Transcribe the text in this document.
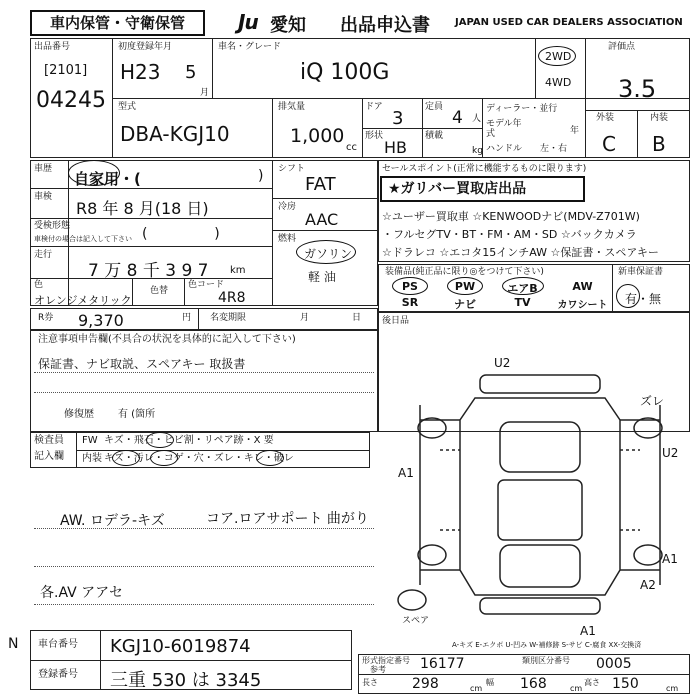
車内保管・守衛保管	Ju 愛知 出品申込書	JAPAN USED CAR DEALERS ASSOCIATION
出品番号
[2101]
04245
初度登録年月
H23 5
月
車名・グレード
iQ 100G
2WD
4WD
評価点
3.5
外装	内装
C B
型式
DBA-KGJ10
排気量
1,000
cc
ドア
3
定員
4 人
形状
HB
積載
kg
ディーラー・並行
モデル年式	年
ハンドル 左・右
車歴
自家用・(	)
車検
R8 年 8 月(18 日)
受検形態
車検付の場合は記入して下さい (               )
走行
7 万 8 千 3 9 7 km
色
オレンジメタリック
色替
色コード
4R8
シフト
FAT
冷房
AAC
燃料
ガソリン
軽 油
セールスポイント(正常に機能するものに限ります)
★ガリバー買取店出品
☆ユーザー買取車 ☆KENWOODナビ(MDV-Z701W)
・フルセグTV・BT・FM・AM・SD ☆バックカメラ
☆ドラレコ ☆エコタ15インチAW ☆保証書・スペアキー
装備品(純正品に限り◎をつけて下さい)	新車保証書
有・無
PS	PW	エアB	AW
SR	ナビ	TV	カワシート
R券 9,370	円 名変期限	月	日 後日品
注意事項申告欄(不具合の状況を具体的に記入して下さい)
保証書、ナビ取説、スペアキー 取扱書
修復歴 有 (箇所
検査員
記入欄
FW キズ・飛石・ヒビ割・リペア跡・X 要
内装 キズ・汚レ・コゲ・穴・ズレ・キレ・破レ
AW. ロデラ-キズ	コア.ロアサポート 曲がり
各.AV アアセ
U2
ズレ
U2
A1
A1
A2
A1
スペア
A-キズ E-エクボ U-凹み W-補修跡 S-サビ C-腐食 XX-交換済
N 車台番号 KGJ10-6019874
登録番号 三重 530 は 3345
形式指定番号
参考 16177	類別区分番号 0005
長さ 298	cm
幅 168	cm
高さ 150	cm
